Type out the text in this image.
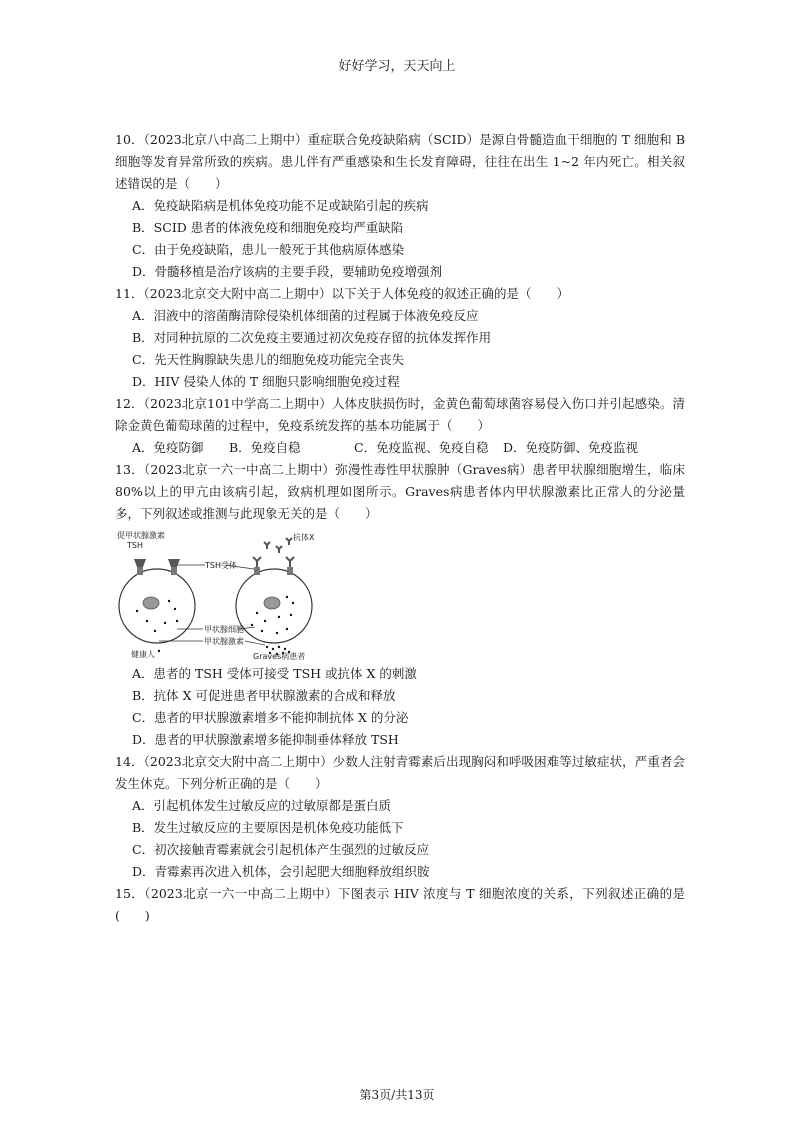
好好学习，天天向上
10．（2023北京八中高二上期中）重症联合免疫缺陷病（SCID）是源自骨髓造血干细胞的 T 细胞和 B 细胞等发育异常所致的疾病。患儿伴有严重感染和生长发育障碍，往往在出生 1~2 年内死亡。相关叙述错误的是（　　）
A．免疫缺陷病是机体免疫功能不足或缺陷引起的疾病
B．SCID 患者的体液免疫和细胞免疫均严重缺陷
C．由于免疫缺陷，患儿一般死于其他病原体感染
D．骨髓移植是治疗该病的主要手段，要辅助免疫增强剂
11．（2023北京交大附中高二上期中）以下关于人体免疫的叙述正确的是（　　）
A．泪液中的溶菌酶清除侵染机体细菌的过程属于体液免疫反应
B．对同种抗原的二次免疫主要通过初次免疫存留的抗体发挥作用
C．先天性胸腺缺失患儿的细胞免疫功能完全丧失
D．HIV 侵染人体的 T 细胞只影响细胞免疫过程
12．（2023北京101中学高二上期中）人体皮肤损伤时，金黄色葡萄球菌容易侵入伤口并引起感染。清除金黄色葡萄球菌的过程中，免疫系统发挥的基本功能属于（　　）
A．免疫防御	B．免疫自稳	C．免疫监视、免疫自稳	D．免疫防御、免疫监视
13．（2023北京一六一中高二上期中）弥漫性毒性甲状腺肿（Graves病）患者甲状腺细胞增生，临床 80%以上的甲亢由该病引起，致病机理如图所示。Graves病患者体内甲状腺激素比正常人的分泌量多，下列叙述或推测与此现象无关的是（　　）
促甲状腺激素
TSH
抗体X
TSH受体
甲状腺细胞
甲状腺激素
健康人	Graves病患者
A．患者的 TSH 受体可接受 TSH 或抗体 X 的刺激
B．抗体 X 可促进患者甲状腺激素的合成和释放
C．患者的甲状腺激素增多不能抑制抗体 X 的分泌
D．患者的甲状腺激素增多能抑制垂体释放 TSH
14．（2023北京交大附中高二上期中）少数人注射青霉素后出现胸闷和呼吸困难等过敏症状，严重者会发生休克。下列分析正确的是（　　）
A．引起机体发生过敏反应的过敏原都是蛋白质
B．发生过敏反应的主要原因是机体免疫功能低下
C．初次接触青霉素就会引起机体产生强烈的过敏反应
D．青霉素再次进入机体，会引起肥大细胞释放组织胺
15．（2023北京一六一中高二上期中）下图表示 HIV 浓度与 T 细胞浓度的关系，下列叙述正确的是(　　)
第3页/共13页
